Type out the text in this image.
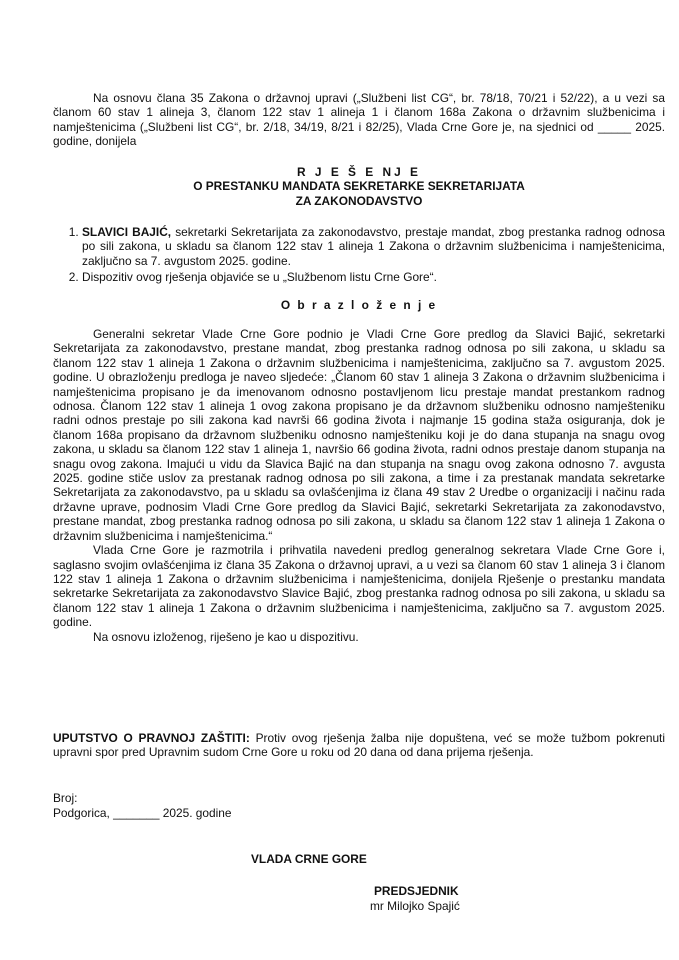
Na osnovu člana 35 Zakona o državnoj upravi („Službeni list CG“, br. 78/18, 70/21 i 52/22), a u vezi sa članom 60 stav 1 alineja 3, članom 122 stav 1 alineja 1 i članom 168a Zakona o državnim službenicima i namještenicima („Službeni list CG“, br. 2/18, 34/19, 8/21 i 82/25), Vlada Crne Gore je, na sjednici od _____ 2025. godine, donijela

R J E Š E NJ E

O PRESTANKU MANDATA SEKRETARKE SEKRETARIJATA

ZA ZAKONODAVSTVO

1. SLAVICI BAJIĆ, sekretarki Sekretarijata za zakonodavstvo, prestaje mandat, zbog prestanka radnog odnosa po sili zakona, u skladu sa članom 122 stav 1 alineja 1 Zakona o državnim službenicima i namještenicima, zaključno sa 7. avgustom 2025. godine.
2. Dispozitiv ovog rješenja objaviće se u „Službenom listu Crne Gore“.
O b r a z l o ž e n j e

Generalni sekretar Vlade Crne Gore podnio je Vladi Crne Gore predlog da Slavici Bajić, sekretarki Sekretarijata za zakonodavstvo, prestane mandat, zbog prestanka radnog odnosa po sili zakona, u skladu sa članom 122 stav 1 alineja 1 Zakona o državnim službenicima i namještenicima, zaključno sa 7. avgustom 2025. godine. U obrazloženju predloga je naveo sljedeće: „Članom 60 stav 1 alineja 3 Zakona o državnim službenicima i namještenicima propisano je da imenovanom odnosno postavljenom licu prestaje mandat prestankom radnog odnosa. Članom 122 stav 1 alineja 1 ovog zakona propisano je da državnom službeniku odnosno namješteniku radni odnos prestaje po sili zakona kad navrši 66 godina života i najmanje 15 godina staža osiguranja, dok je članom 168a propisano da državnom službeniku odnosno namješteniku koji je do dana stupanja na snagu ovog zakona, u skladu sa članom 122 stav 1 alineja 1, navršio 66 godina života, radni odnos prestaje danom stupanja na snagu ovog zakona. Imajući u vidu da Slavica Bajić na dan stupanja na snagu ovog zakona odnosno 7. avgusta 2025. godine stiče uslov za prestanak radnog odnosa po sili zakona, a time i za prestanak mandata sekretarke Sekretarijata za zakonodavstvo, pa u skladu sa ovlašćenjima iz člana 49 stav 2 Uredbe o organizaciji i načinu rada državne uprave, podnosim Vladi Crne Gore predlog da Slavici Bajić, sekretarki Sekretarijata za zakonodavstvo, prestane mandat, zbog prestanka radnog odnosa po sili zakona, u skladu sa članom 122 stav 1 alineja 1 Zakona o državnim službenicima i namještenicima.“

Vlada Crne Gore je razmotrila i prihvatila navedeni predlog generalnog sekretara Vlade Crne Gore i, saglasno svojim ovlašćenjima iz člana 35 Zakona o državnoj upravi, a u vezi sa članom 60 stav 1 alineja 3 i članom 122 stav 1 alineja 1 Zakona o državnim službenicima i namještenicima, donijela Rješenje o prestanku mandata sekretarke Sekretarijata za zakonodavstvo Slavice Bajić, zbog prestanka radnog odnosa po sili zakona, u skladu sa članom 122 stav 1 alineja 1 Zakona o državnim službenicima i namještenicima, zaključno sa 7. avgustom 2025. godine.

Na osnovu izloženog, riješeno je kao u dispozitivu.

UPUTSTVO O PRAVNOJ ZAŠTITI: Protiv ovog rješenja žalba nije dopuštena, već se može tužbom pokrenuti upravni spor pred Upravnim sudom Crne Gore u roku od 20 dana od dana prijema rješenja.
Broj:
Podgorica, _______ 2025. godine
VLADA CRNE GORE
PREDSJEDNIK
mr Milojko Spajić
